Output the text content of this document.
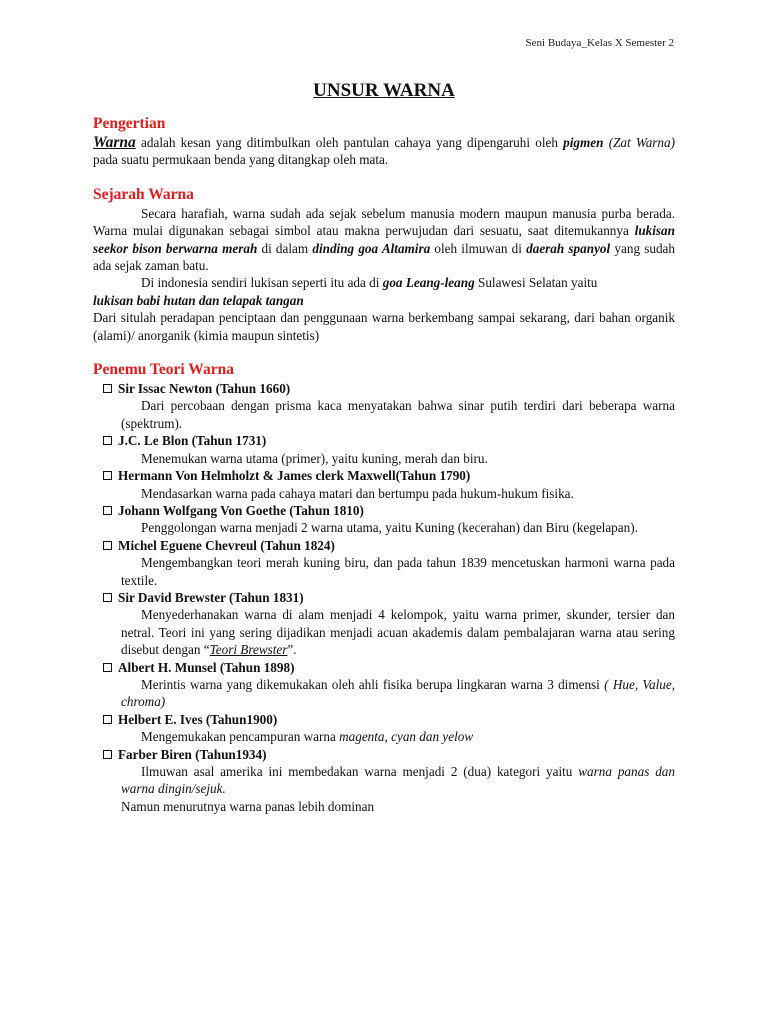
Seni Budaya_Kelas X Semester 2
UNSUR WARNA
Pengertian

Warna adalah kesan yang ditimbulkan oleh pantulan cahaya yang dipengaruhi oleh pigmen (Zat Warna) pada suatu permukaan benda yang ditangkap oleh mata.

Sejarah Warna

Secara harafiah, warna sudah ada sejak sebelum manusia modern maupun manusia purba berada. Warna mulai digunakan sebagai simbol atau makna perwujudan dari sesuatu, saat ditemukannya lukisan seekor bison berwarna merah di dalam dinding goa Altamira oleh ilmuwan di daerah spanyol yang sudah ada sejak zaman batu.

Di indonesia sendiri lukisan seperti itu ada di goa Leang-leang Sulawesi Selatan yaitu

lukisan babi hutan dan telapak tangan

Dari situlah peradapan penciptaan dan penggunaan warna berkembang sampai sekarang, dari bahan organik (alami)/ anorganik (kimia maupun sintetis)

Penemu Teori Warna
Sir Issac Newton (Tahun 1660)
Dari percobaan dengan prisma kaca menyatakan bahwa sinar putih terdiri dari beberapa warna (spektrum).
J.C. Le Blon (Tahun 1731)
Menemukan warna utama (primer), yaitu kuning, merah dan biru.
Hermann Von Helmholzt & James clerk Maxwell(Tahun 1790)
Mendasarkan warna pada cahaya matari dan bertumpu pada hukum-hukum fisika.
Johann Wolfgang Von Goethe (Tahun 1810)
Penggolongan warna menjadi 2 warna utama, yaitu Kuning (kecerahan) dan Biru (kegelapan).
Michel Eguene Chevreul (Tahun 1824)
Mengembangkan teori merah kuning biru, dan pada tahun 1839 mencetuskan harmoni warna pada textile.
Sir David Brewster (Tahun 1831)
Menyederhanakan warna di alam menjadi 4 kelompok, yaitu warna primer, skunder, tersier dan netral. Teori ini yang sering dijadikan menjadi acuan akademis dalam pembalajaran warna atau sering disebut dengan “Teori Brewster”.
Albert H. Munsel (Tahun 1898)
Merintis warna yang dikemukakan oleh ahli fisika berupa lingkaran warna 3 dimensi ( Hue, Value, chroma)
Helbert E. Ives (Tahun1900)
Mengemukakan pencampuran warna magenta, cyan dan yelow
Farber Biren (Tahun1934)
Ilmuwan asal amerika ini membedakan warna menjadi 2 (dua) kategori yaitu warna panas dan warna dingin/sejuk.
Namun menurutnya warna panas lebih dominan
